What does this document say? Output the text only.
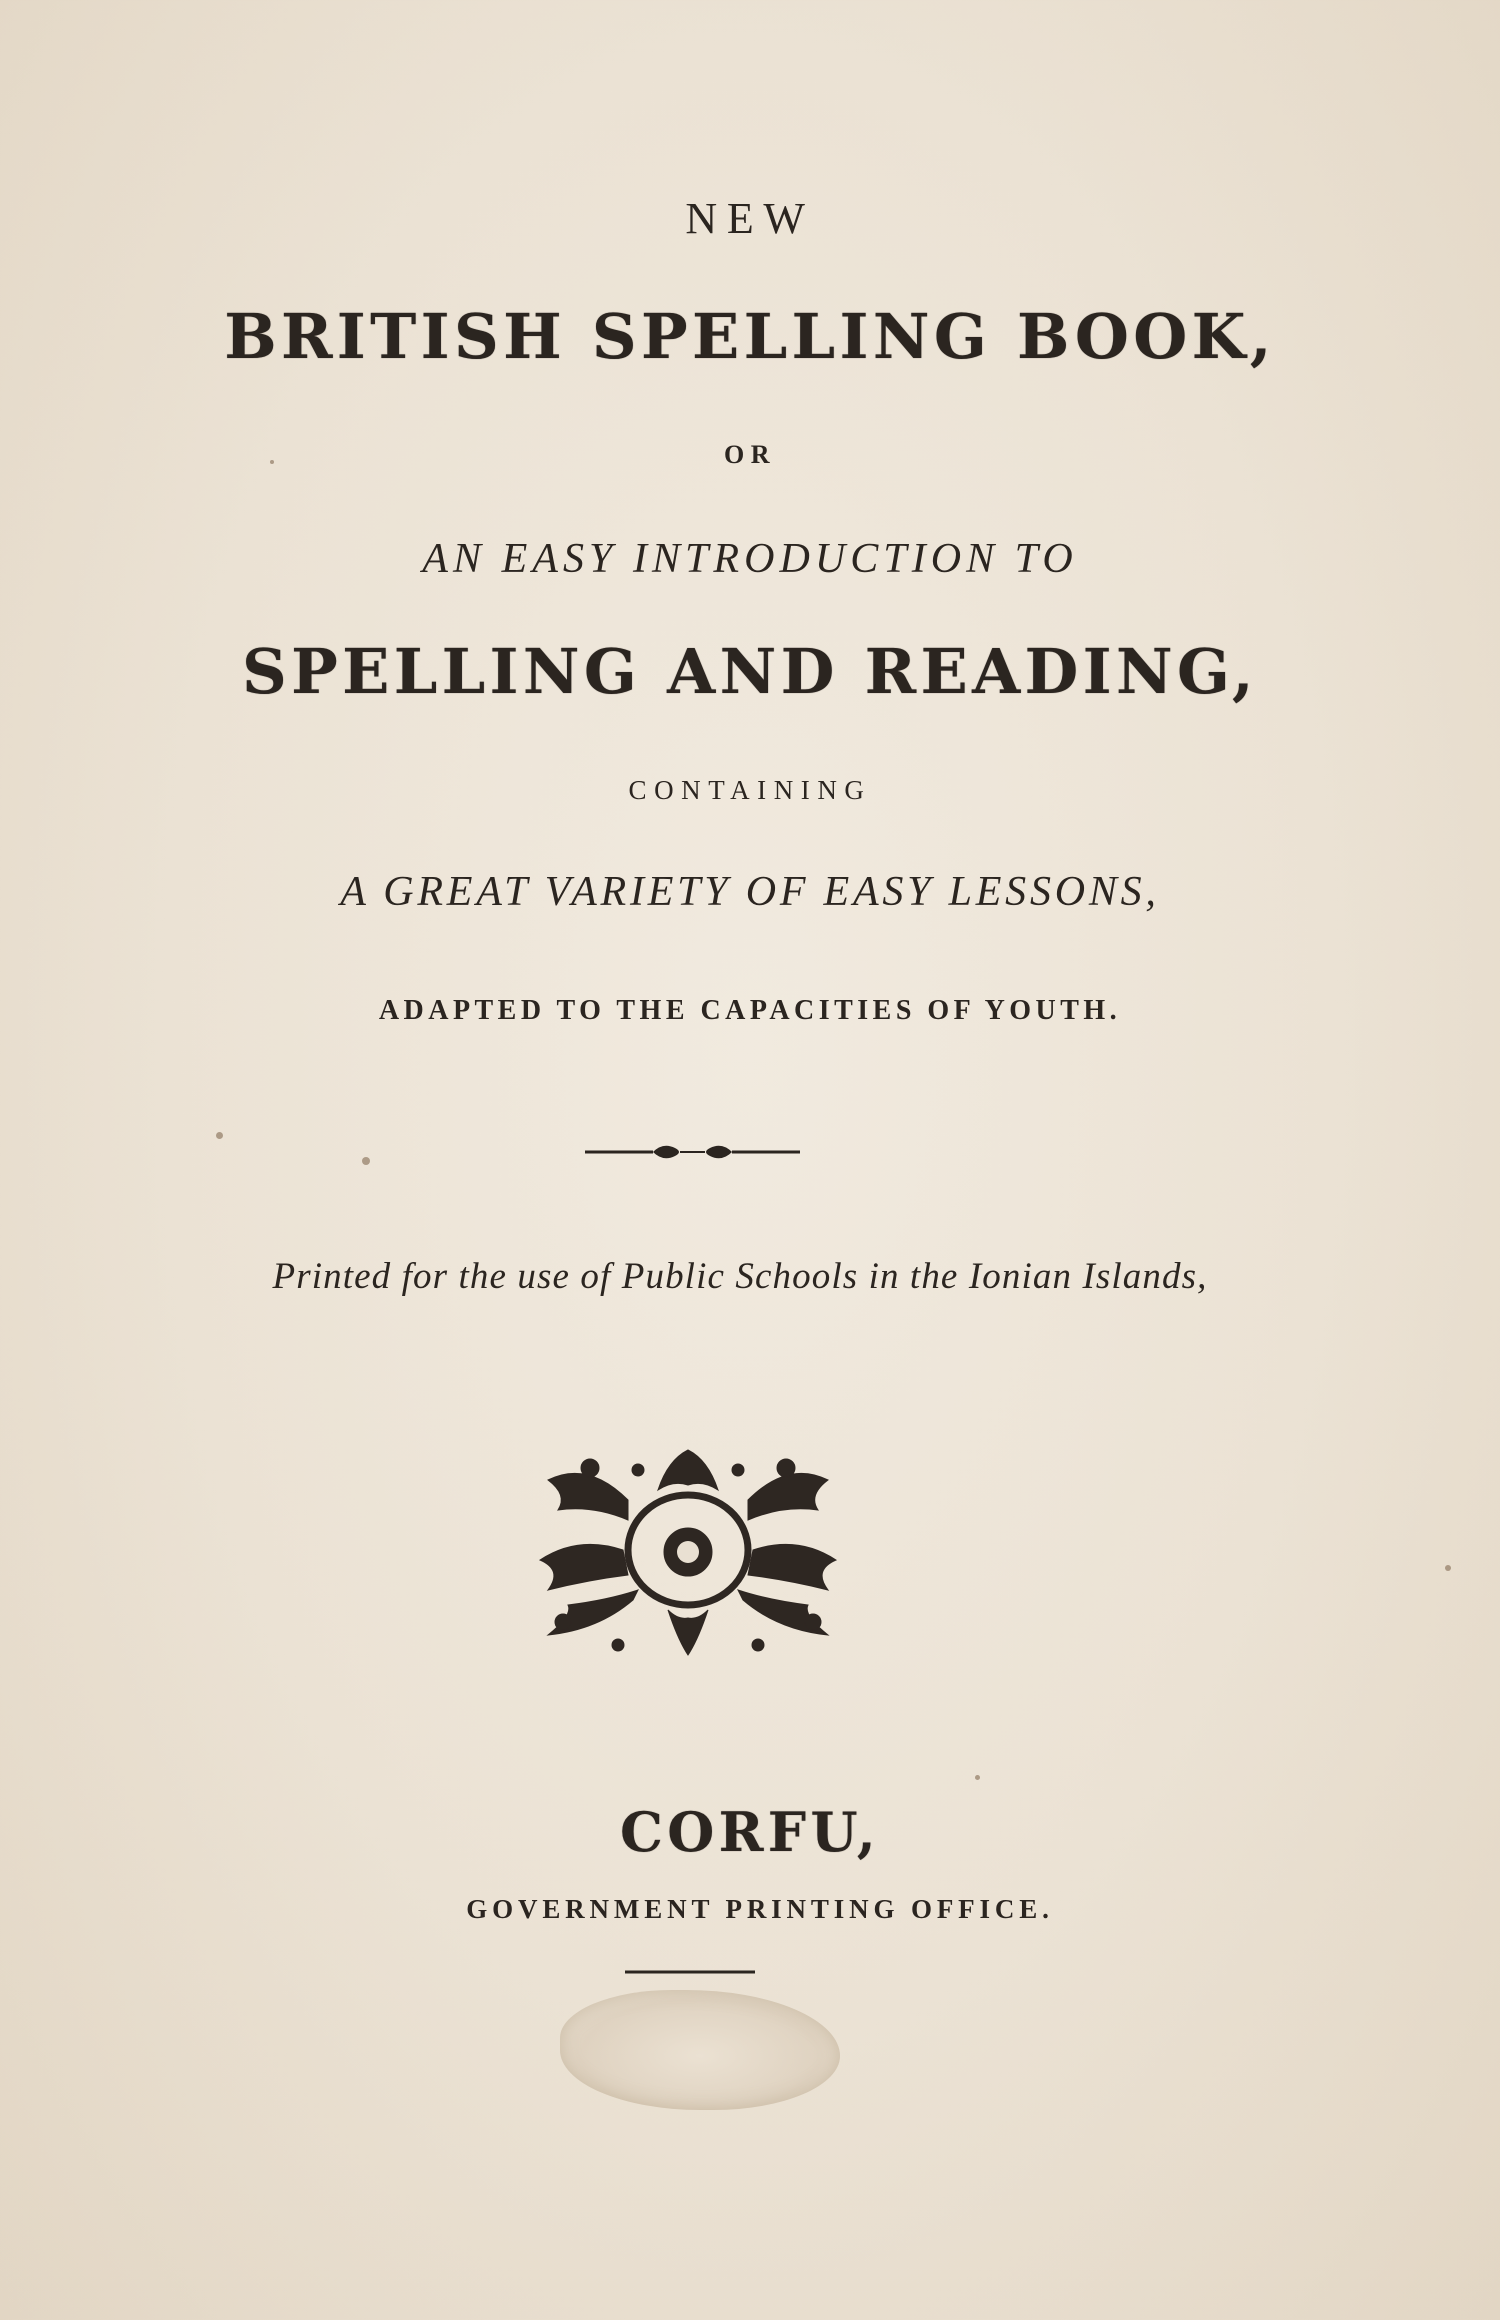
NEW
BRITISH SPELLING BOOK,
OR
AN EASY INTRODUCTION TO
SPELLING AND READING,
CONTAINING
A GREAT VARIETY OF EASY LESSONS,
ADAPTED TO THE CAPACITIES OF YOUTH.
Printed for the use of Public Schools in the Ionian Islands,
CORFU,
GOVERNMENT PRINTING OFFICE.
